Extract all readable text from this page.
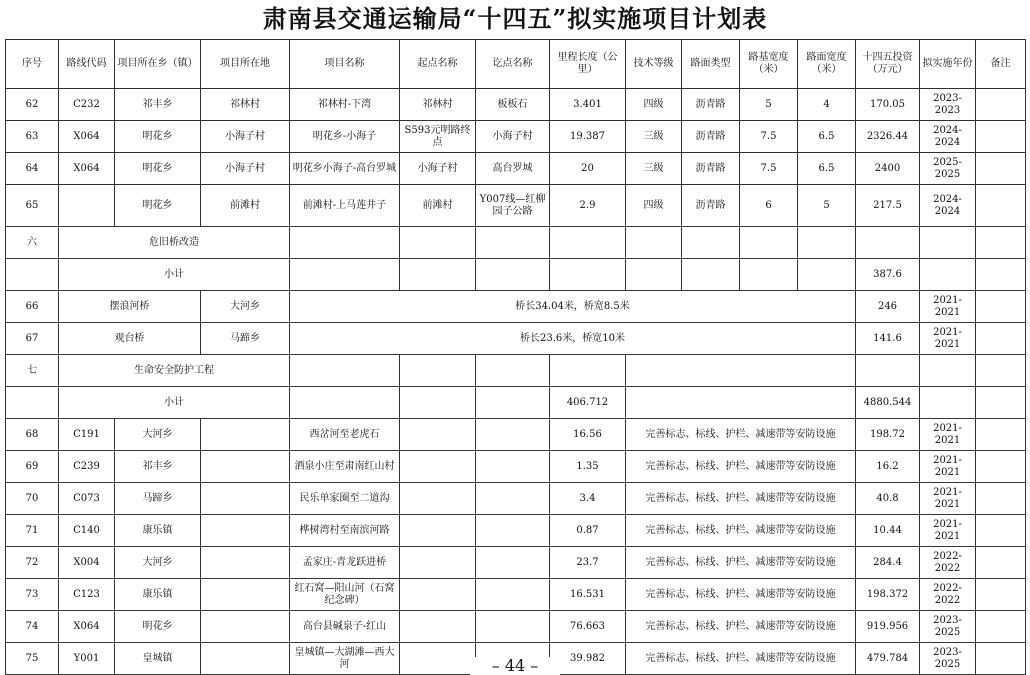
肃南县交通运输局“十四五”拟实施项目计划表
序号	路线代码	项目所在乡（镇）	项目所在地	项目名称	起点名称	讫点名称	里程长度（公里）	技术等级	路面类型	路基宽度（米）	路面宽度（米）	十四五投资（万元）	拟实施年份	备注
62	C232	祁丰乡	祁林村	祁林村-下湾	祁林村	板板石	3.401	四级	沥青路	5	4	170.05	2023-2023	
63	X064	明花乡	小海子村	明花乡-小海子	S593元明路终点	小海子村	19.387	三级	沥青路	7.5	6.5	2326.44	2024-2024	
64	X064	明花乡	小海子村	明花乡小海子-高台罗城	小海子村	高台罗城	20	三级	沥青路	7.5	6.5	2400	2025-2025	
65		明花乡	前滩村	前滩村-上马莲井子	前滩村	Y007线—红柳园子公路	2.9	四级	沥青路	6	5	217.5	2024-2024	
六	危旧桥改造													
	小计											387.6		
66	摆浪河桥		大河乡	桥长34.04米，桥宽8.5米								246	2021-2021	
67	观台桥		马蹄乡	桥长23.6米，桥宽10米								141.6	2021-2021	
七	生命安全防护工程													
	小计						406.712					4880.544		
68	C191	大河乡		西岔河至老虎石			16.56	完善标志、标线、护栏、减速带等安防设施				198.72	2021-2021	
69	C239	祁丰乡		酒泉小庄至肃南红山村			1.35	完善标志、标线、护栏、减速带等安防设施				16.2	2021-2021	
70	C073	马蹄乡		民乐单家圈至二道沟			3.4	完善标志、标线、护栏、减速带等安防设施				40.8	2021-2021	
71	C140	康乐镇		桦树湾村至南滨河路			0.87	完善标志、标线、护栏、减速带等安防设施				10.44	2021-2021	
72	X004	大河乡		孟家庄-青龙跃进桥			23.7	完善标志、标线、护栏、减速带等安防设施				284.4	2022-2022	
73	C123	康乐镇		红石窝—阳山河（石窝纪念碑）			16.531	完善标志、标线、护栏、减速带等安防设施				198.372	2022-2022	
74	X064	明花乡		高台县碱泉子-红山			76.663	完善标志、标线、护栏、减速带等安防设施				919.956	2023-2025	
75	Y001	皇城镇		皇城镇—大湖滩—西大河			39.982	完善标志、标线、护栏、减速带等安防设施				479.784	2023-2025	
– 44 –
